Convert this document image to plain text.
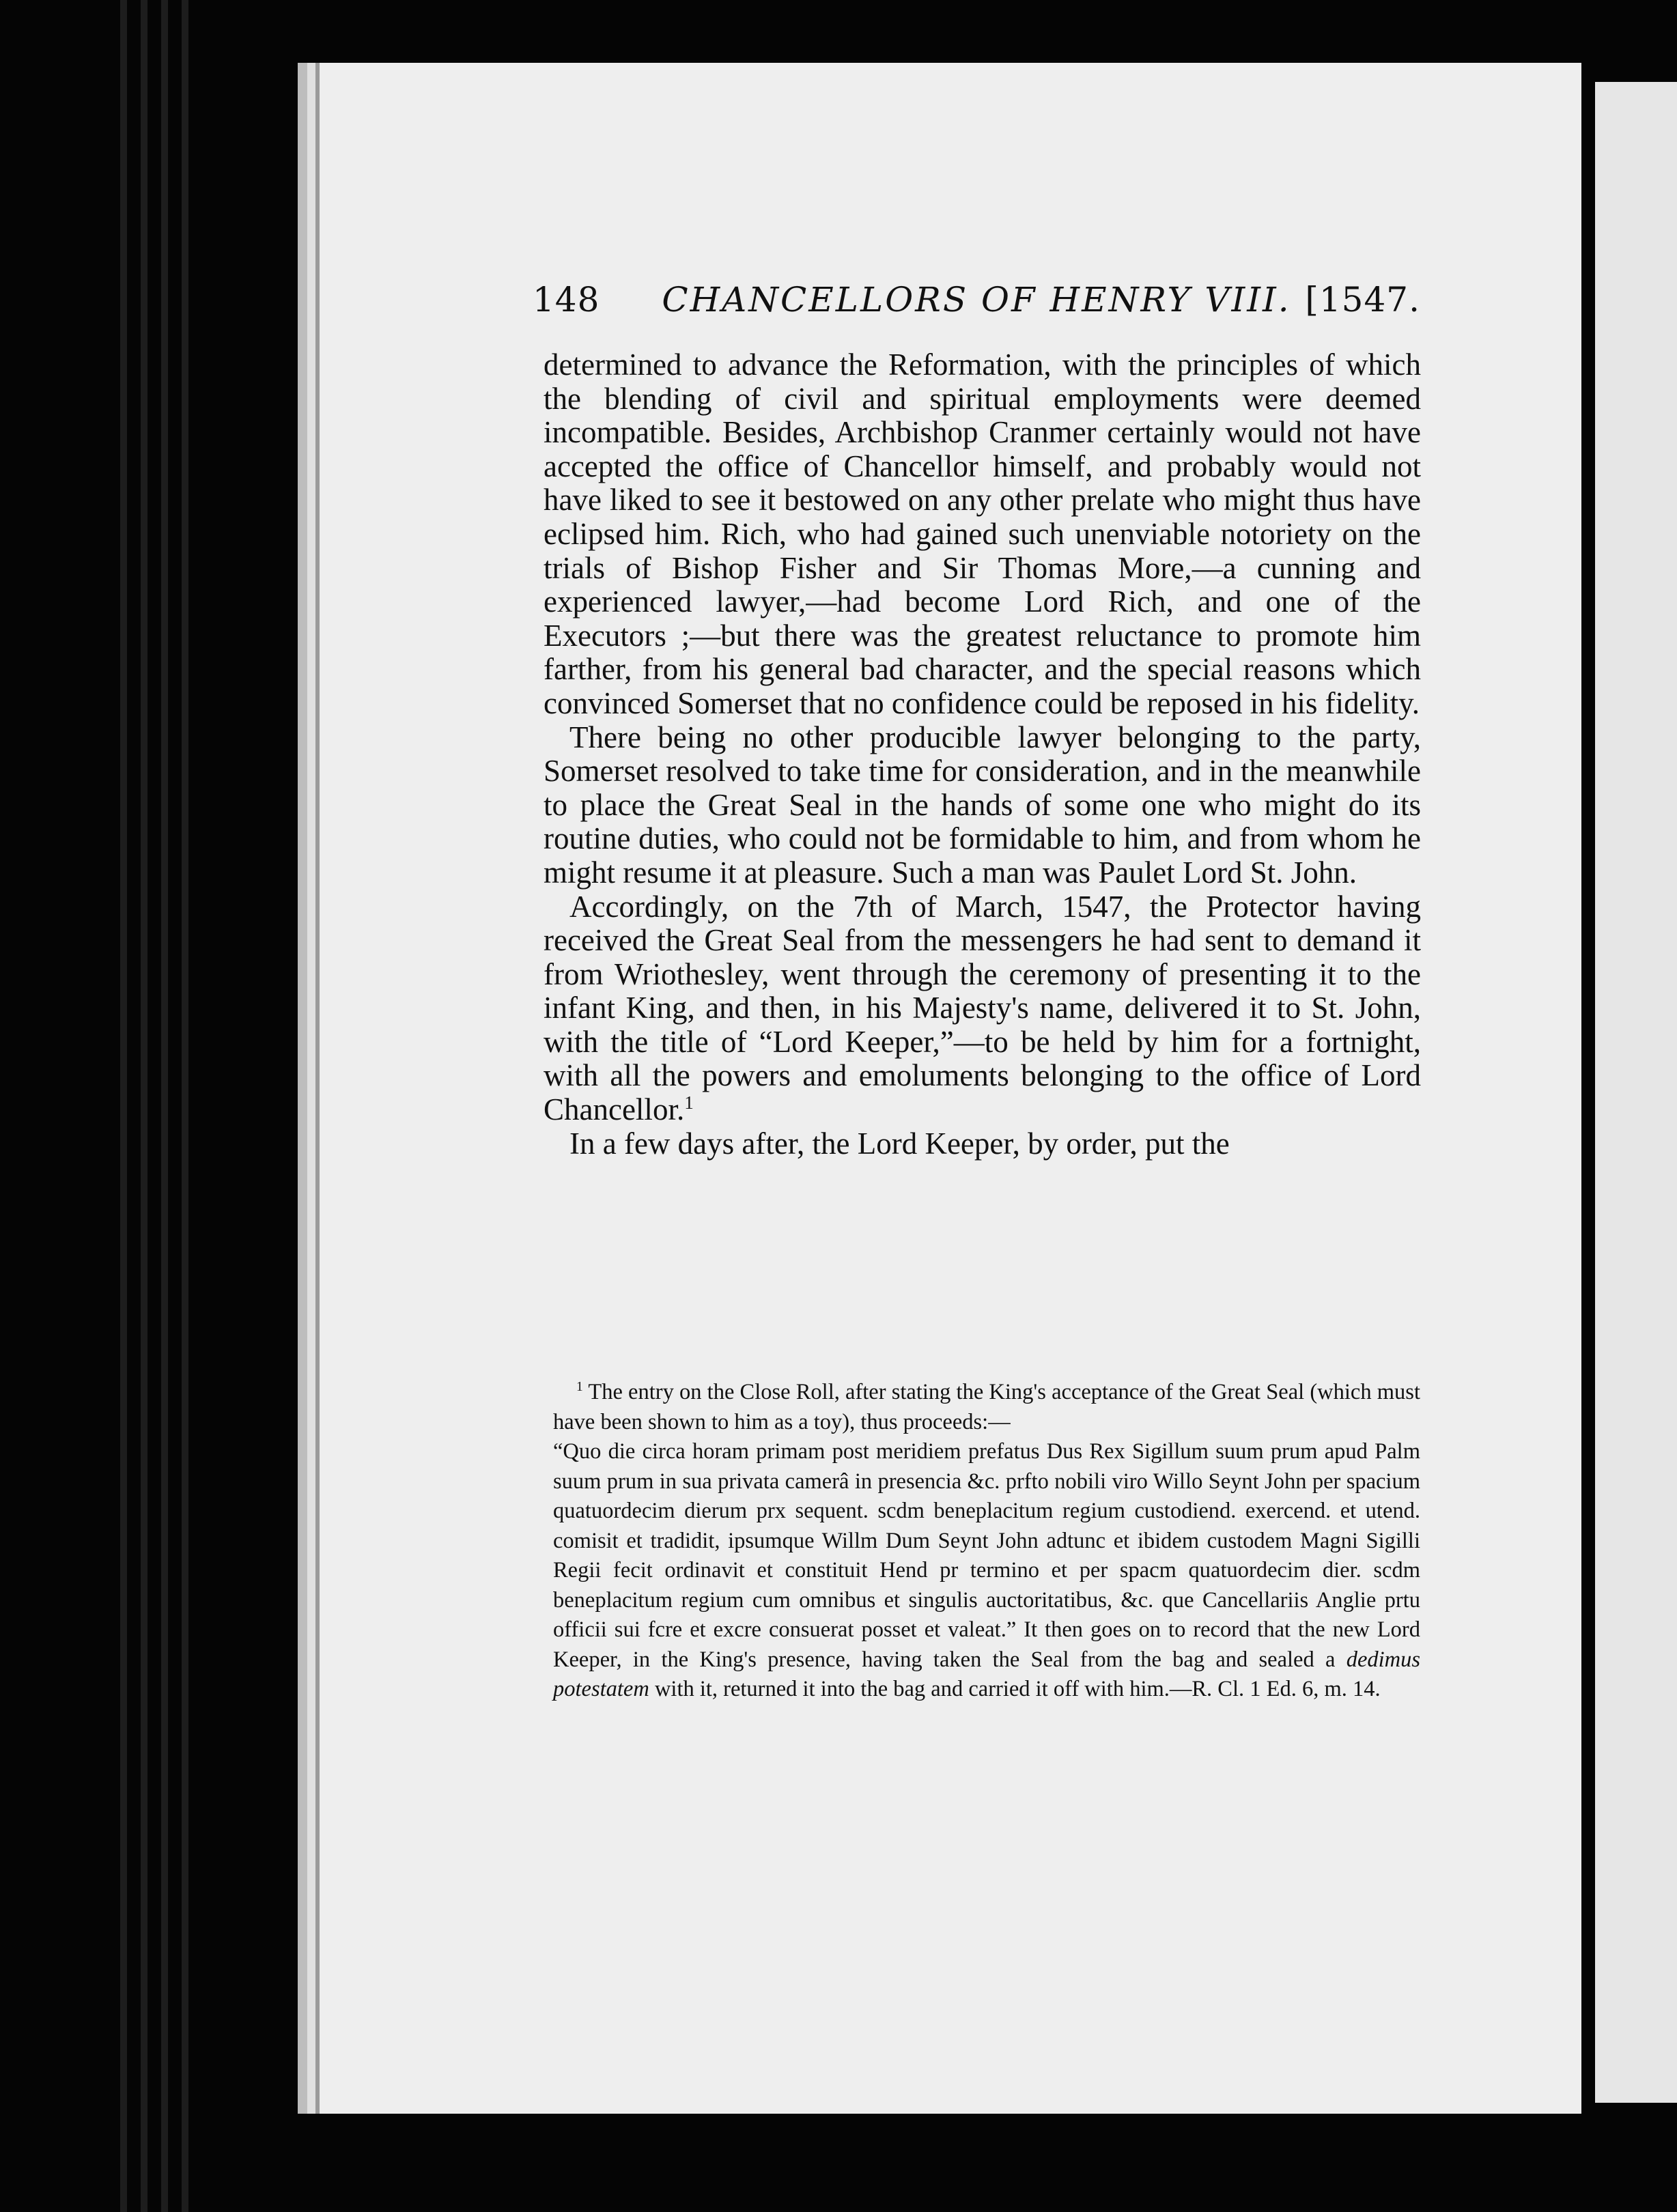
148	CHANCELLORS OF HENRY VIII. [1547.

determined to advance the Reformation, with the principles of which the blending of civil and spiritual employments were deemed incompatible. Besides, Archbishop Cranmer certainly would not have accepted the office of Chancellor himself, and probably would not have liked to see it bestowed on any other prelate who might thus have eclipsed him. Rich, who had gained such unenviable notoriety on the trials of Bishop Fisher and Sir Thomas More,—a cunning and experienced lawyer,—had become Lord Rich, and one of the Executors ;—but there was the greatest reluctance to promote him farther, from his general bad character, and the special reasons which convinced Somerset that no confidence could be reposed in his fidelity.

There being no other producible lawyer belonging to the party, Somerset resolved to take time for consideration, and in the meanwhile to place the Great Seal in the hands of some one who might do its routine duties, who could not be formidable to him, and from whom he might resume it at pleasure. Such a man was Paulet Lord St. John.

Accordingly, on the 7th of March, 1547, the Protector having received the Great Seal from the messengers he had sent to demand it from Wriothesley, went through the ceremony of presenting it to the infant King, and then, in his Majesty's name, delivered it to St. John, with the title of “Lord Keeper,”—to be held by him for a fortnight, with all the powers and emoluments belonging to the office of Lord Chancellor.$^1$

In a few days after, the Lord Keeper, by order, put the

$^1$ The entry on the Close Roll, after stating the King's acceptance of the Great Seal (which must have been shown to him as a toy), thus proceeds:—

“Quo die circa horam primam post meridiem prefatus Dus Rex Sigillum suum prum apud Palm suum prum in sua privata camerâ in presencia &c. prfto nobili viro Willo Seynt John per spacium quatuordecim dierum prx sequent. scdm beneplacitum regium custodiend. exercend. et utend. comisit et tradidit, ipsumque Willm Dum Seynt John adtunc et ibidem custodem Magni Sigilli Regii fecit ordinavit et constituit Hend pr termino et per spacm quatuordecim dier. scdm beneplacitum regium cum omnibus et singulis auctoritatibus, &c. que Cancellariis Anglie prtu officii sui fcre et excre consuerat posset et valeat.” It then goes on to record that the new Lord Keeper, in the King's presence, having taken the Seal from the bag and sealed a dedimus potestatem with it, returned it into the bag and carried it off with him.—R. Cl. 1 Ed. 6, m. 14.
